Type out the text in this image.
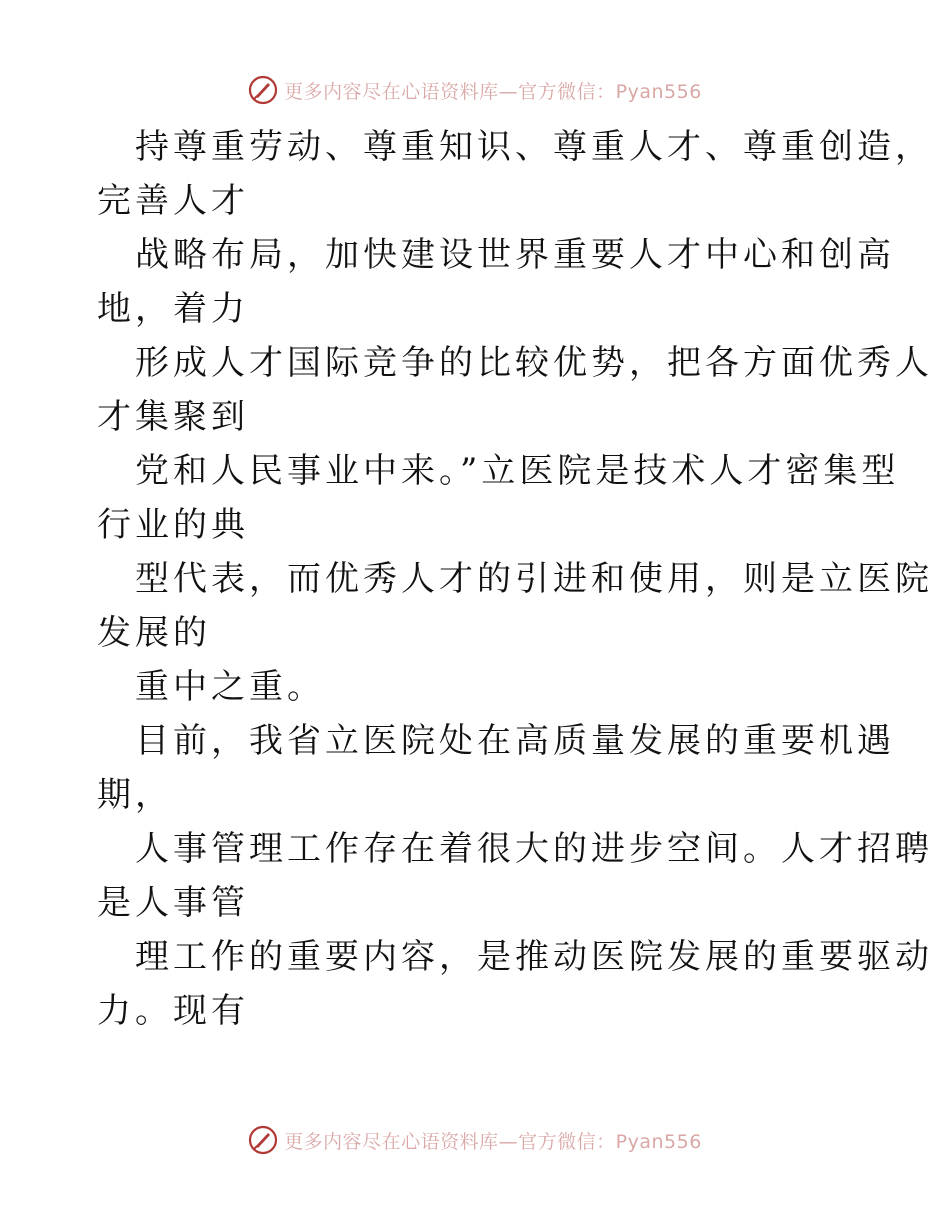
更多内容尽在心语资料库—官方微信：Pyan556
持尊重劳动、尊重知识、尊重人才、尊重创造，
完善人才
战略布局，加快建设世界重要人才中心和创高
地，着力
形成人才国际竞争的比较优势，把各方面优秀人
才集聚到
党和人民事业中来。”立医院是技术人才密集型
行业的典
型代表，而优秀人才的引进和使用，则是立医院
发展的
重中之重。
目前，我省立医院处在高质量发展的重要机遇
期，
人事管理工作存在着很大的进步空间。人才招聘
是人事管
理工作的重要内容，是推动医院发展的重要驱动
力。现有
更多内容尽在心语资料库—官方微信：Pyan556
